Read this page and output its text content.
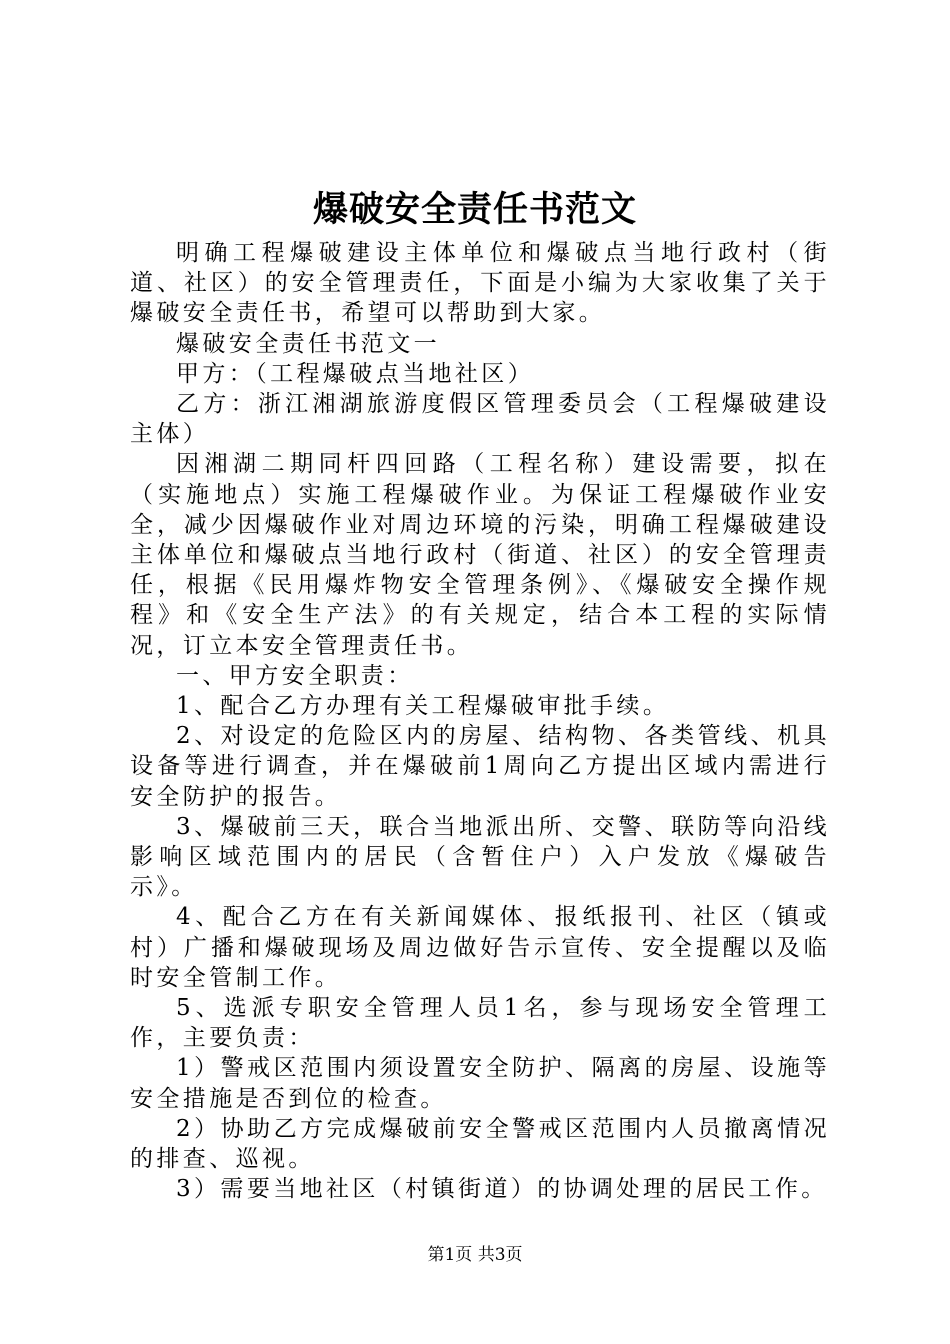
爆破安全责任书范文

明确工程爆破建设主体单位和爆破点当地行政村（街道、社区）的安全管理责任，下面是小编为大家收集了关于爆破安全责任书，希望可以帮助到大家。

爆破安全责任书范文一

甲方：（工程爆破点当地社区）

乙方：浙江湘湖旅游度假区管理委员会（工程爆破建设主体）

因湘湖二期同杆四回路（工程名称）建设需要，拟在（实施地点）实施工程爆破作业。为保证工程爆破作业安全，减少因爆破作业对周边环境的污染，明确工程爆破建设主体单位和爆破点当地行政村（街道、社区）的安全管理责任，根据《民用爆炸物安全管理条例》、《爆破安全操作规程》和《安全生产法》的有关规定，结合本工程的实际情况，订立本安全管理责任书。

一、甲方安全职责：

1、配合乙方办理有关工程爆破审批手续。

2、对设定的危险区内的房屋、结构物、各类管线、机具设备等进行调查，并在爆破前1周向乙方提出区域内需进行安全防护的报告。

3、爆破前三天，联合当地派出所、交警、联防等向沿线影响区域范围内的居民（含暂住户）入户发放《爆破告示》。

4、配合乙方在有关新闻媒体、报纸报刊、社区（镇或村）广播和爆破现场及周边做好告示宣传、安全提醒以及临时安全管制工作。

5、选派专职安全管理人员1名，参与现场安全管理工作，主要负责：

1）警戒区范围内须设置安全防护、隔离的房屋、设施等安全措施是否到位的检查。

2）协助乙方完成爆破前安全警戒区范围内人员撤离情况的排查、巡视。

3）需要当地社区（村镇街道）的协调处理的居民工作。

第1页 共3页
